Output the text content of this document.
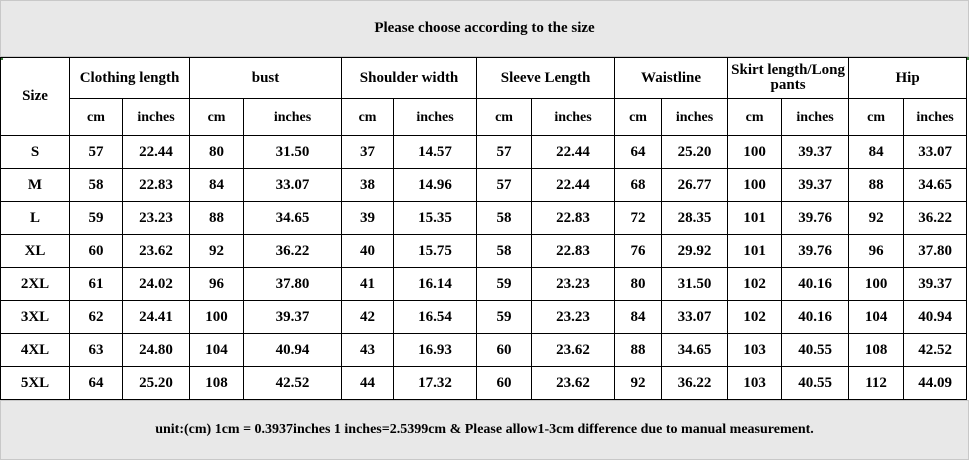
Please choose according to the size
Size	Clothing length		bust		Shoulder width		Sleeve Length		Waistline		Skirt length/Long pants		Hip	
	cm	inches	cm	inches	cm	inches	cm	inches	cm	inches	cm	inches	cm	inches
S	57	22.44	80	31.50	37	14.57	57	22.44	64	25.20	100	39.37	84	33.07
M	58	22.83	84	33.07	38	14.96	57	22.44	68	26.77	100	39.37	88	34.65
L	59	23.23	88	34.65	39	15.35	58	22.83	72	28.35	101	39.76	92	36.22
XL	60	23.62	92	36.22	40	15.75	58	22.83	76	29.92	101	39.76	96	37.80
2XL	61	24.02	96	37.80	41	16.14	59	23.23	80	31.50	102	40.16	100	39.37
3XL	62	24.41	100	39.37	42	16.54	59	23.23	84	33.07	102	40.16	104	40.94
4XL	63	24.80	104	40.94	43	16.93	60	23.62	88	34.65	103	40.55	108	42.52
5XL	64	25.20	108	42.52	44	17.32	60	23.62	92	36.22	103	40.55	112	44.09
unit:(cm) 1cm = 0.3937inches 1 inches=2.5399cm & Please allow1-3cm difference due to manual measurement.
